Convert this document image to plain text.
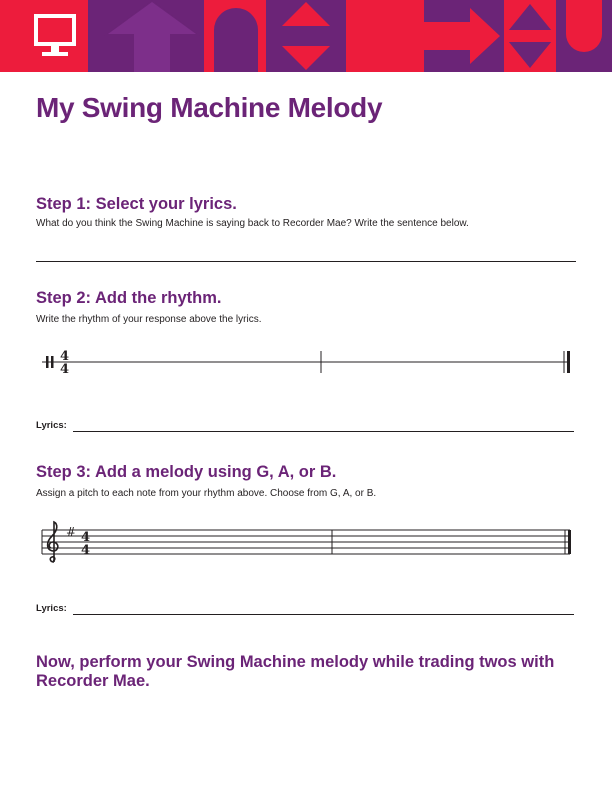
My Swing Machine Melody
Step 1: Select your lyrics.

What do you think the Swing Machine is saying back to Recorder Mae? Write the sentence below.

Step 2: Add the rhythm.

Write the rhythm of your response above the lyrics.

4
4
Lyrics:
Step 3: Add a melody using G, A, or B.

Assign a pitch to each note from your rhythm above. Choose from G, A, or B.

# 4
4
Lyrics:

Now, perform your Swing Machine melody while trading twos with Recorder Mae.
